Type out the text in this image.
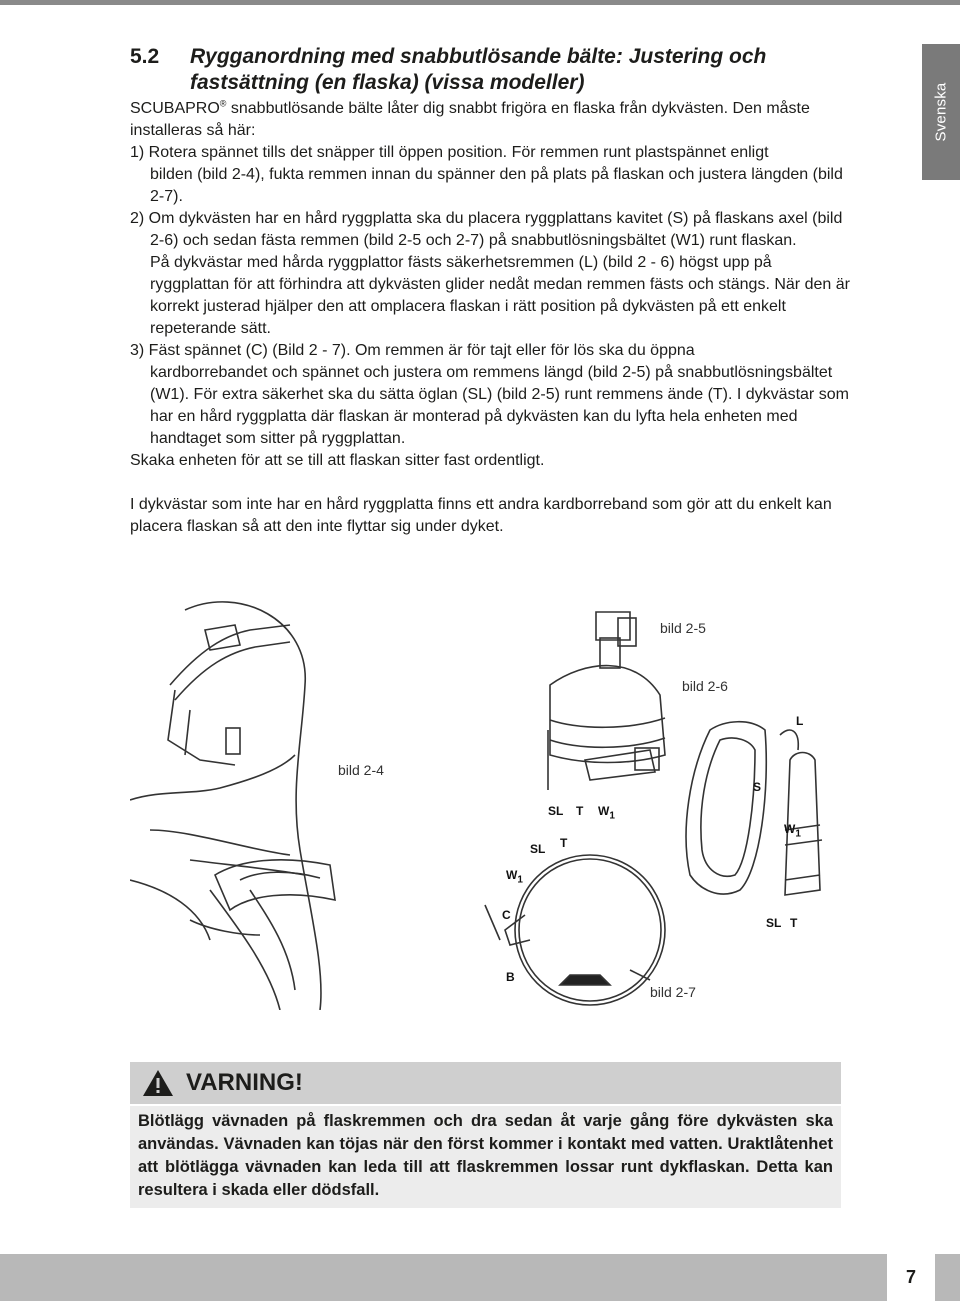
Svenska
5.2	Rygganordning med snabbutlösande bälte: Justering och fastsättning (en flaska) (vissa modeller)

SCUBAPRO® snabbutlösande bälte låter dig snabbt frigöra en flaska från dykvästen. Den måste installeras så här:

1) Rotera spännet tills det snäpper till öppen position. För remmen runt plastspännet enligt

bilden (bild 2-4), fukta remmen innan du spänner den på plats på flaskan och justera längden (bild 2-7).

2) Om dykvästen har en hård ryggplatta ska du placera ryggplattans kavitet (S) på flaskans axel (bild 2-6) och sedan fästa remmen (bild 2-5 och 2-7) på snabbutlösningsbältet (W1) runt flaskan.

På dykvästar med hårda ryggplattor fästs säkerhetsremmen (L) (bild 2 - 6) högst upp på ryggplattan för att förhindra att dykvästen glider nedåt medan remmen fästs och stängs. När den är korrekt justerad hjälper den att omplacera flaskan i rätt position på dykvästen på ett enkelt repeterande sätt.

3) Fäst spännet (C) (Bild 2 - 7). Om remmen är för tajt eller för lös ska du öppna

kardborrebandet och spännet och justera om remmens längd (bild 2-5) på snabbutlösningsbältet (W1). För extra säkerhet ska du sätta öglan (SL) (bild 2-5) runt remmens ände (T). I dykvästar som har en hård ryggplatta där flaskan är monterad på dykvästen kan du lyfta hela enheten med handtaget som sitter på ryggplattan.

Skaka enheten för att se till att flaskan sitter fast ordentligt.

I dykvästar som inte har en hård ryggplatta finns ett andra kardborreband som gör att du enkelt kan placera flaskan så att den inte flyttar sig under dyket.

bild 2-4
bild 2-5
bild 2-6
bild 2-7
L
S
SL T $W_1$
SL T
$W_1$
C
B
$W_1$
SL T
VARNING!
Blötlägg vävnaden på flaskremmen och dra sedan åt varje gång före dykvästen ska användas. Vävnaden kan töjas när den först kommer i kontakt med vatten. Uraktlåtenhet att blötlägga vävnaden kan leda till att flaskremmen lossar runt dykflaskan. Detta kan resultera i skada eller dödsfall.
7
